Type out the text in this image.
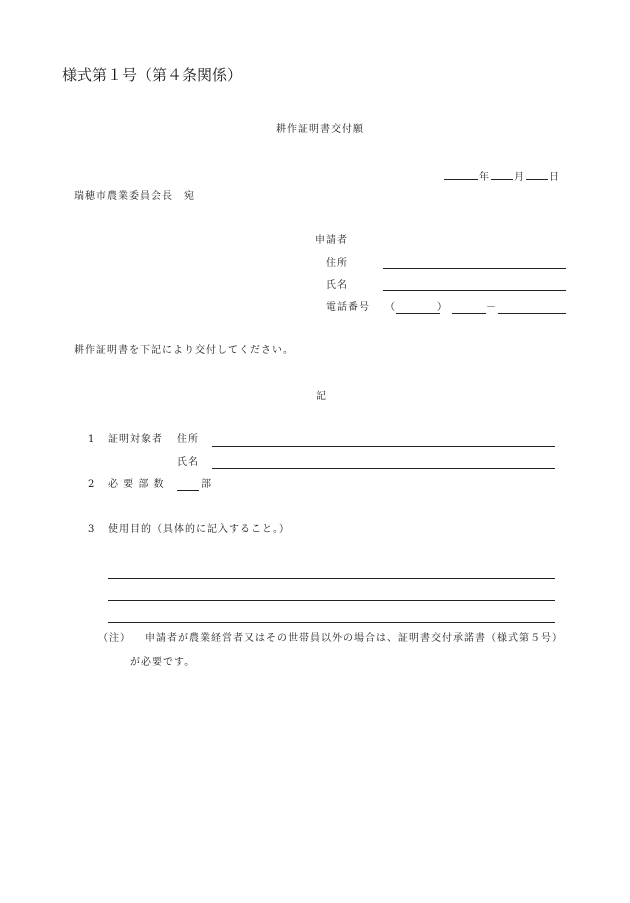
様式第１号（第４条関係）
耕作証明書交付願
年 月 日
瑞穂市農業委員会長　宛
申請者
住所
氏名
電話番号 （	）	－
耕作証明書を下記により交付してください。
記
1 証明対象者 住所
氏名
2 必 要 部 数	部
3 使用目的（具体的に記入すること。）
（注） 申請者が農業経営者又はその世帯員以外の場合は、証明書交付承諾書（様式第５号）
が必要です。
